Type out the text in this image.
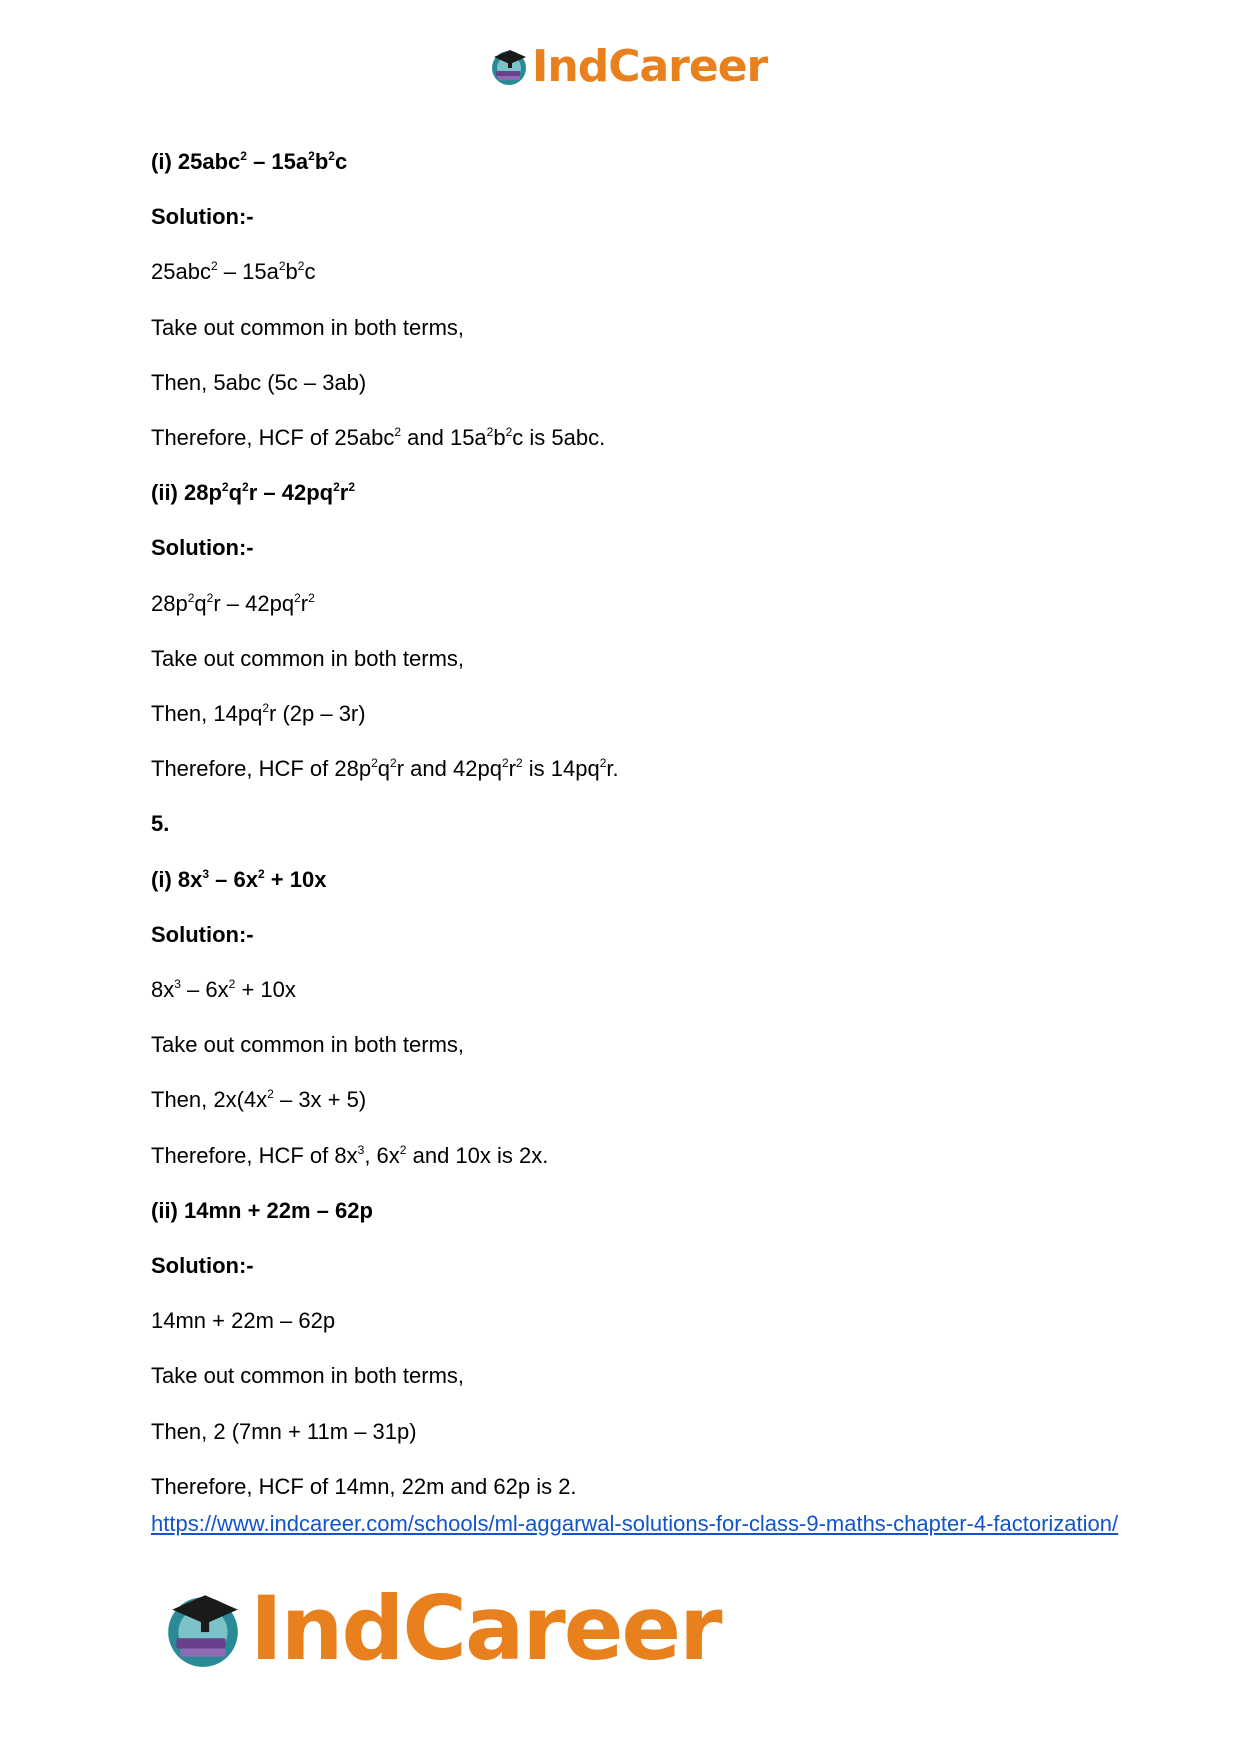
IndCareer
(i) $25abc^2 - 15a^2b^2c$
Solution:-
$25abc^2 - 15a^2b^2c$
Take out common in both terms,
Then, 5abc (5c – 3ab)
Therefore, HCF of 25abc$^2$ and $15a^2b^2c$ is 5abc.
(ii) $28p^2q^2r - 42pq^2r^2$
Solution:-
$28p^2q^2r - 42pq^2r^2$
Take out common in both terms,
Then, $14pq^2r$ (2p – 3r)
Therefore, HCF of $28p^2q^2r$ and $42pq^2r^2$ is $14pq^2r$.
5.
(i) $8x^3 - 6x^2 + 10x$
Solution:-
$8x^3 - 6x^2 + 10x$
Take out common in both terms,
Then, $2x(4x^2 - 3x + 5)$
Therefore, HCF of $8x^3$, $6x^2$ and 10x is 2x.
(ii) 14mn + 22m – 62p
Solution:-
14mn + 22m – 62p
Take out common in both terms,
Then, 2 (7mn + 11m – 31p)
Therefore, HCF of 14mn, 22m and 62p is 2.
https://www.indcareer.com/schools/ml-aggarwal-solutions-for-class-9-maths-chapter-4-factorization/
IndCareer
